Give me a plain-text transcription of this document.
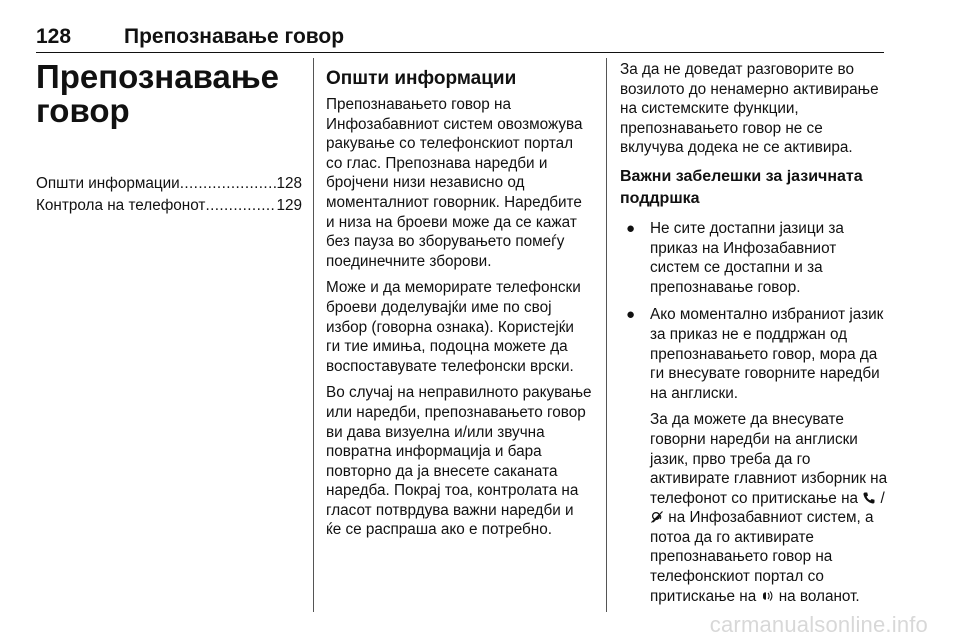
128	Препознавање говор
Препознавање говор
Општи информации .....	128
Контрола на телефонот .....	129
Општи информации

Препознавањето говор на Инфозабавниот систем овозможува ракување со телефонскиот портал со глас. Препознава наредби и бројчени низи независно од моменталниот говорник. Наредбите и низа на броеви може да се кажат без пауза во зборувањето помеѓу поединечните зборови.

Може и да меморирате телефонски броеви доделувајќи име по свој избор (говорна ознака). Користејќи ги тие имиња, подоцна можете да воспоставувате телефонски врски.

Во случај на неправилното ракување или наредби, препознавањето говор ви дава визуелна и/или звучна повратна информација и бара повторно да ја внесете саканата наредба. Покрај тоа, контролата на гласот потврдува важни наредби и ќе се распраша ако е потребно.

За да не доведат разговорите во возилото до ненамерно активирање на системските функции, препознавањето говор не се вклучува додека не се активира.

Важни забелешки за јазичната поддршка
● Не сите достапни јазици за приказ на Инфозабавниот систем се достапни и за препознавање говор.
● Ако моментално избраниот јазик за приказ не е поддржан од препознавањето говор, мора да ги внесувате говорните наредби на англиски.
За да можете да внесувате говорни наредби на англиски јазик, прво треба да го активирате главниот изборник на телефонот со притискање на /  на Инфозабавниот систем, а потоа да го активирате препознавањето говор на телефонскиот портал со притискање на на воланот.
carmanualsonline.info
